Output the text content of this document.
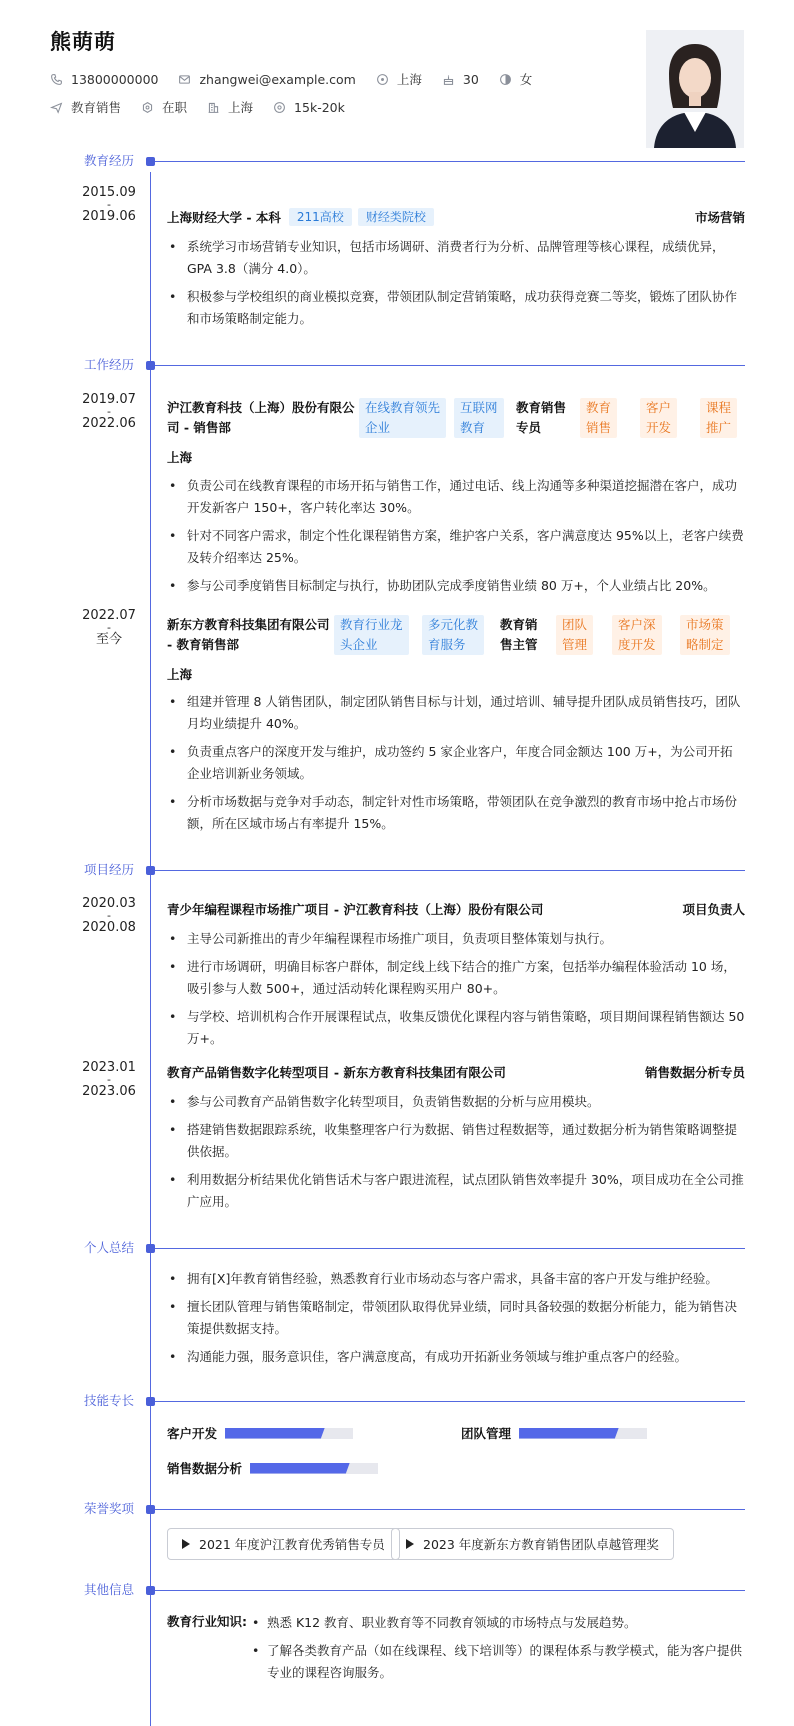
熊萌萌
13800000000	zhangwei@example.com	上海	30	女
教育销售	在职	上海	15k-20k
教育经历
2015.09
-
2019.06	上海财经大学 - 本科	211高校	财经类院校	市场营销
• 系统学习市场营销专业知识，包括市场调研、消费者行为分析、品牌管理等核心课程，成绩优异，GPA 3.8（满分 4.0）。
• 积极参与学校组织的商业模拟竞赛，带领团队制定营销策略，成功获得竞赛二等奖，锻炼了团队协作和市场策略制定能力。
工作经历
2019.07
-
2022.06
沪江教育科技（上海）股份有限公
司 - 销售部
在线教育领先
企业
互联网
教育
教育销售
专员
教育
销售
客户
开发
课程
推广
上海
• 负责公司在线教育课程的市场开拓与销售工作，通过电话、线上沟通等多种渠道挖掘潜在客户，成功开发新客户 150+，客户转化率达 30%。
• 针对不同客户需求，制定个性化课程销售方案，维护客户关系，客户满意度达 95%以上，老客户续费及转介绍率达 25%。
• 参与公司季度销售目标制定与执行，协助团队完成季度销售业绩 80 万+，个人业绩占比 20%。
2022.07
-
至今
新东方教育科技集团有限公司
- 教育销售部
教育行业龙
头企业
多元化教
育服务
教育销
售主管
团队
管理
客户深
度开发
市场策
略制定
上海
• 组建并管理 8 人销售团队，制定团队销售目标与计划，通过培训、辅导提升团队成员销售技巧，团队月均业绩提升 40%。
• 负责重点客户的深度开发与维护，成功签约 5 家企业客户，年度合同金额达 100 万+，为公司开拓企业培训新业务领域。
• 分析市场数据与竞争对手动态，制定针对性市场策略，带领团队在竞争激烈的教育市场中抢占市场份额，所在区域市场占有率提升 15%。
项目经历
2020.03
-
2020.08
青少年编程课程市场推广项目 - 沪江教育科技（上海）股份有限公司	项目负责人
• 主导公司新推出的青少年编程课程市场推广项目，负责项目整体策划与执行。
• 进行市场调研，明确目标客户群体，制定线上线下结合的推广方案，包括举办编程体验活动 10 场，吸引参与人数 500+，通过活动转化课程购买用户 80+。
• 与学校、培训机构合作开展课程试点，收集反馈优化课程内容与销售策略，项目期间课程销售额达 50 万+。
2023.01
-
2023.06
教育产品销售数字化转型项目 - 新东方教育科技集团有限公司	销售数据分析专员
• 参与公司教育产品销售数字化转型项目，负责销售数据的分析与应用模块。
• 搭建销售数据跟踪系统，收集整理客户行为数据、销售过程数据等，通过数据分析为销售策略调整提供依据。
• 利用数据分析结果优化销售话术与客户跟进流程，试点团队销售效率提升 30%，项目成功在全公司推广应用。
个人总结
• 拥有[X]年教育销售经验，熟悉教育行业市场动态与客户需求，具备丰富的客户开发与维护经验。
• 擅长团队管理与销售策略制定，带领团队取得优异业绩，同时具备较强的数据分析能力，能为销售决策提供数据支持。
• 沟通能力强，服务意识佳，客户满意度高，有成功开拓新业务领域与维护重点客户的经验。
技能专长
客户开发	团队管理
销售数据分析
荣誉奖项
2021 年度沪江教育优秀销售专员	2023 年度新东方教育销售团队卓越管理奖
其他信息
教育行业知识:
•	熟悉 K12 教育、职业教育等不同教育领域的市场特点与发展趋势。
• 了解各类教育产品（如在线课程、线下培训等）的课程体系与教学模式，能为客户提供专业的课程咨询服务。
